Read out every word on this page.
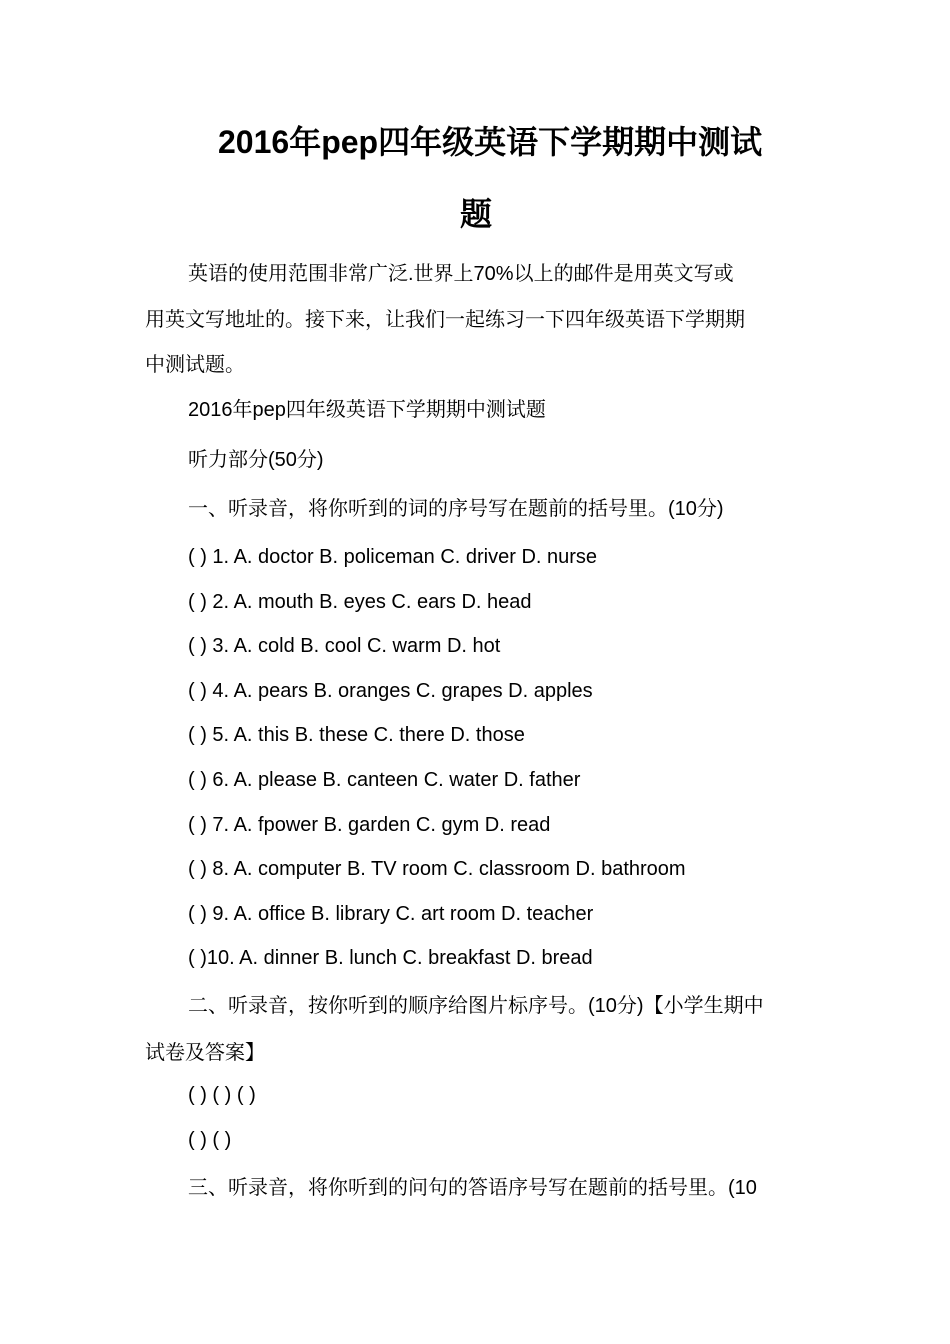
2016年pep四年级英语下学期期中测试
题
英语的使用范围非常广泛.世界上70%以上的邮件是用英文写或
用英文写地址的。接下来，让我们一起练习一下四年级英语下学期期
中测试题。
2016年pep四年级英语下学期期中测试题
听力部分(50分)
一、听录音，将你听到的词的序号写在题前的括号里。(10分)
( ) 1. A. doctor B. policeman C. driver D. nurse
( ) 2. A. mouth B. eyes C. ears D. head
( ) 3. A. cold B. cool C. warm D. hot
( ) 4. A. pears B. oranges C. grapes D. apples
( ) 5. A. this B. these C. there D. those
( ) 6. A. please B. canteen C. water D. father
( ) 7. A. fpower B. garden C. gym D. read
( ) 8. A. computer B. TV room C. classroom D. bathroom
( ) 9. A. office B. library C. art room D. teacher
( )10. A. dinner B. lunch C. breakfast D. bread
二、听录音，按你听到的顺序给图片标序号。(10分)【小学生期中
试卷及答案】
( ) ( ) ( )
( ) ( )
三、听录音，将你听到的问句的答语序号写在题前的括号里。(10
